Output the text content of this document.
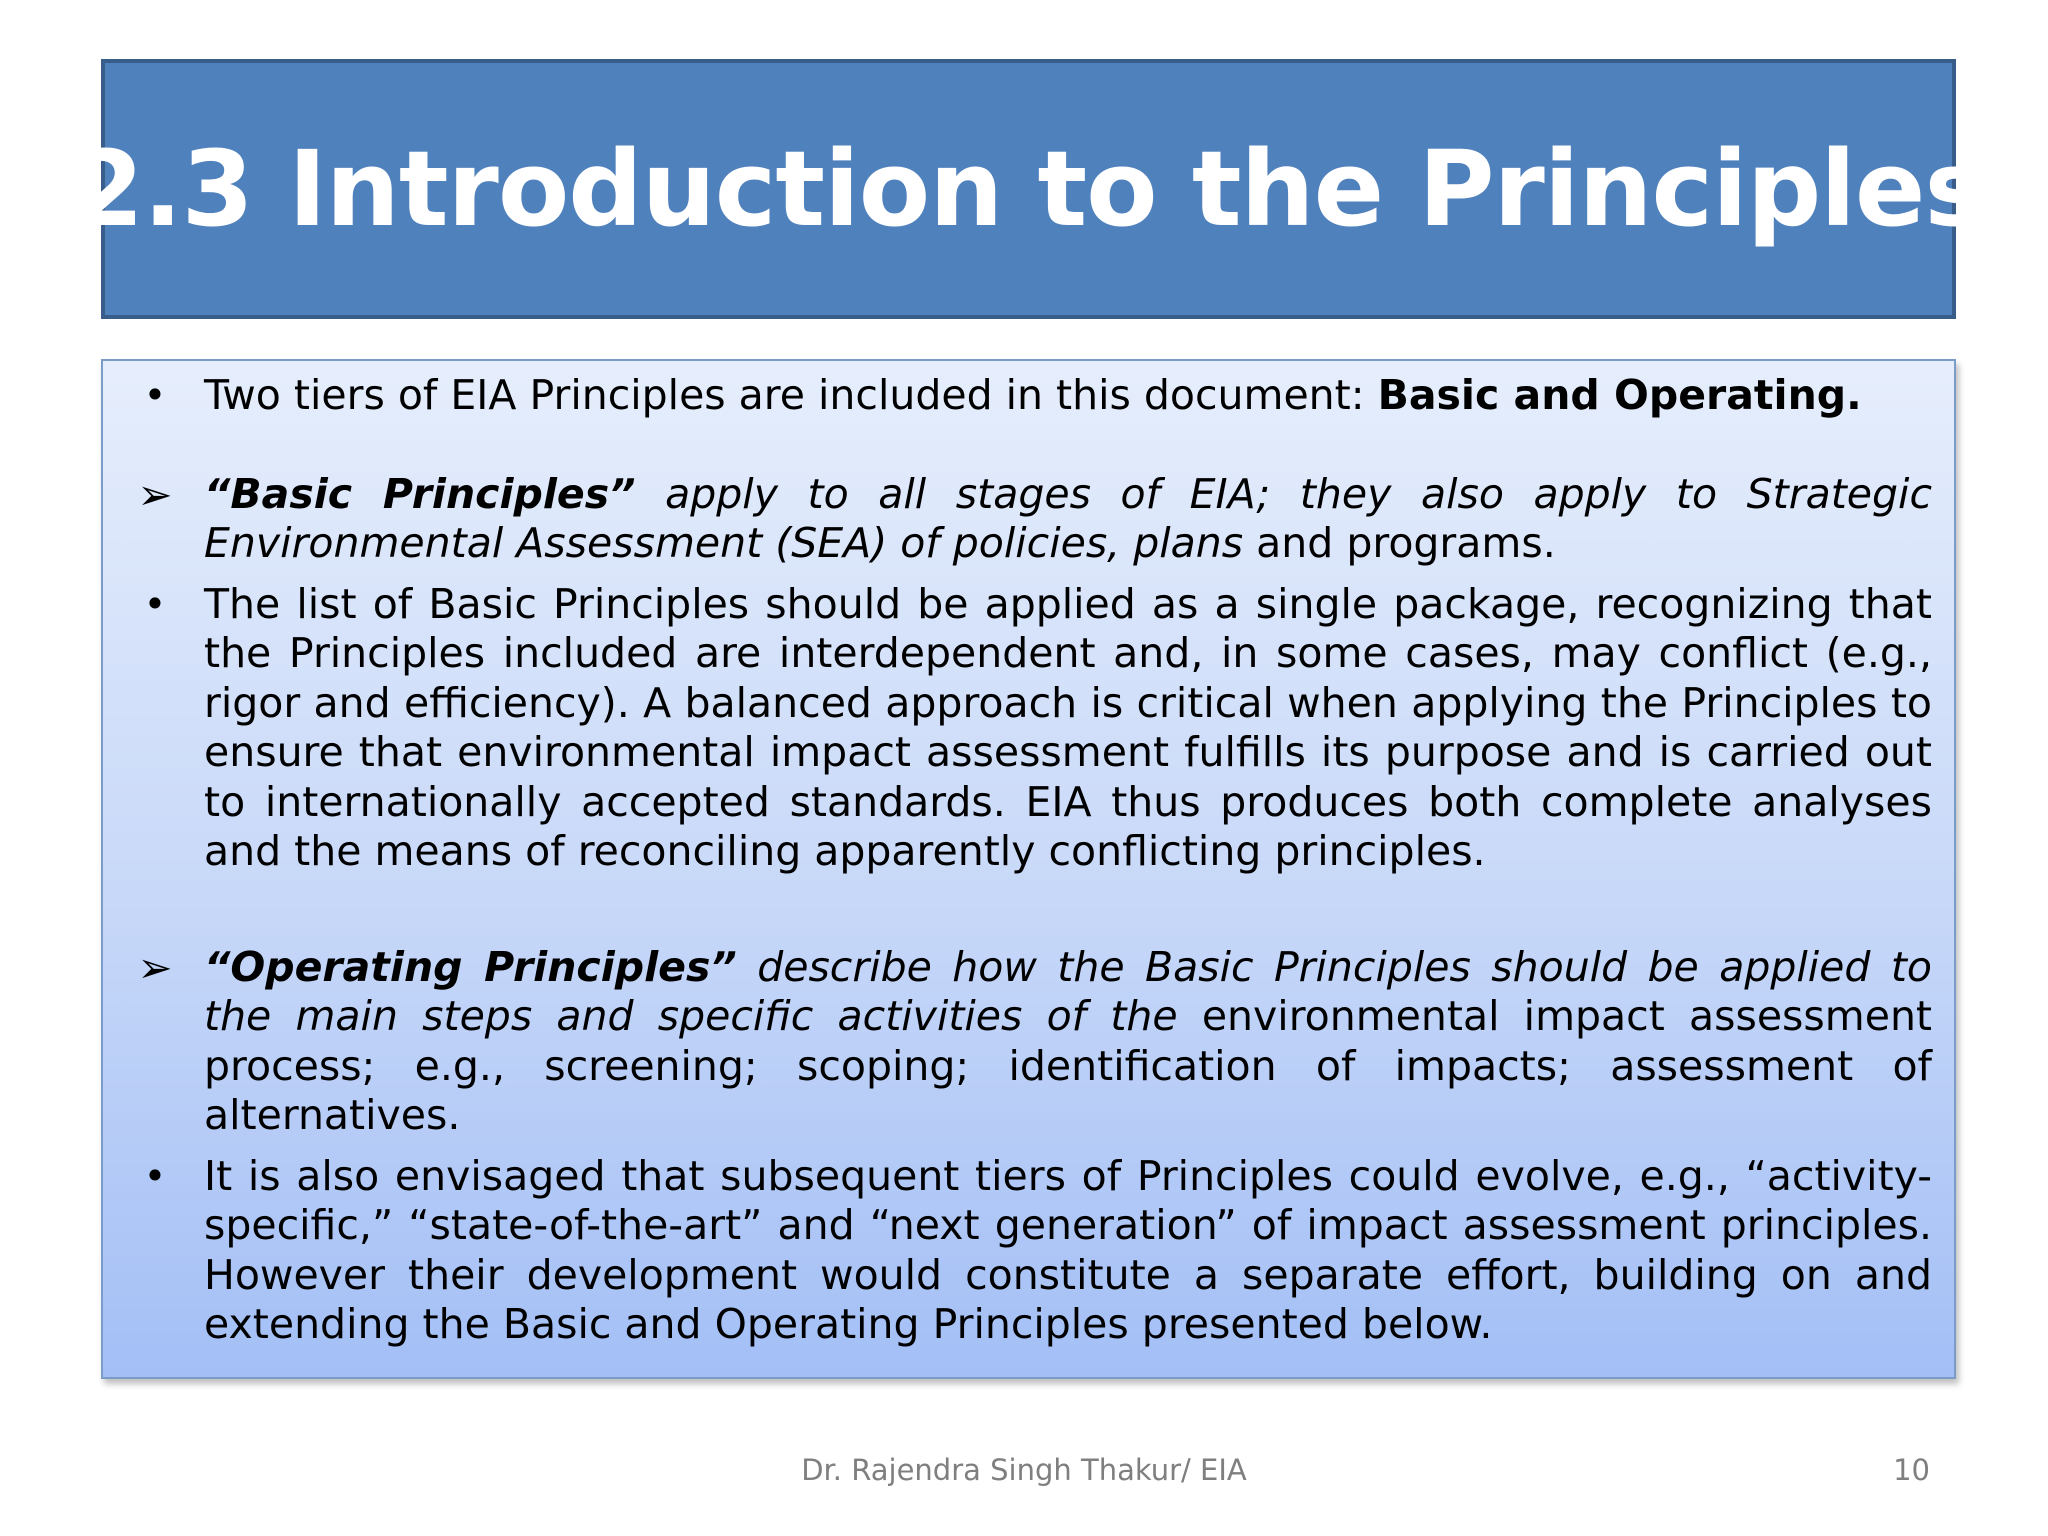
2.3 Introduction to the Principles
• Two tiers of EIA Principles are included in this document: Basic and Operating.
➢ “Basic Principles” apply to all stages of EIA; they also apply to Strategic Environmental Assessment (SEA) of policies, plans and programs.
• The list of Basic Principles should be applied as a single package, recognizing that the Principles included are interdependent and, in some cases, may conflict (e.g., rigor and efficiency). A balanced approach is critical when applying the Principles to ensure that environmental impact assessment fulfills its purpose and is carried out to internationally accepted standards. EIA thus produces both complete analyses and the means of reconciling apparently conflicting principles.
➢ “Operating Principles” describe how the Basic Principles should be applied to the main steps and specific activities of the environmental impact assessment process; e.g., screening; scoping; identification of impacts; assessment of alternatives.
• It is also envisaged that subsequent tiers of Principles could evolve, e.g., “activity-specific,” “state-of-the-art” and “next generation” of impact assessment principles. However their development would constitute a separate effort, building on and extending the Basic and Operating Principles presented below.
Dr. Rajendra Singh Thakur/ EIA	10
